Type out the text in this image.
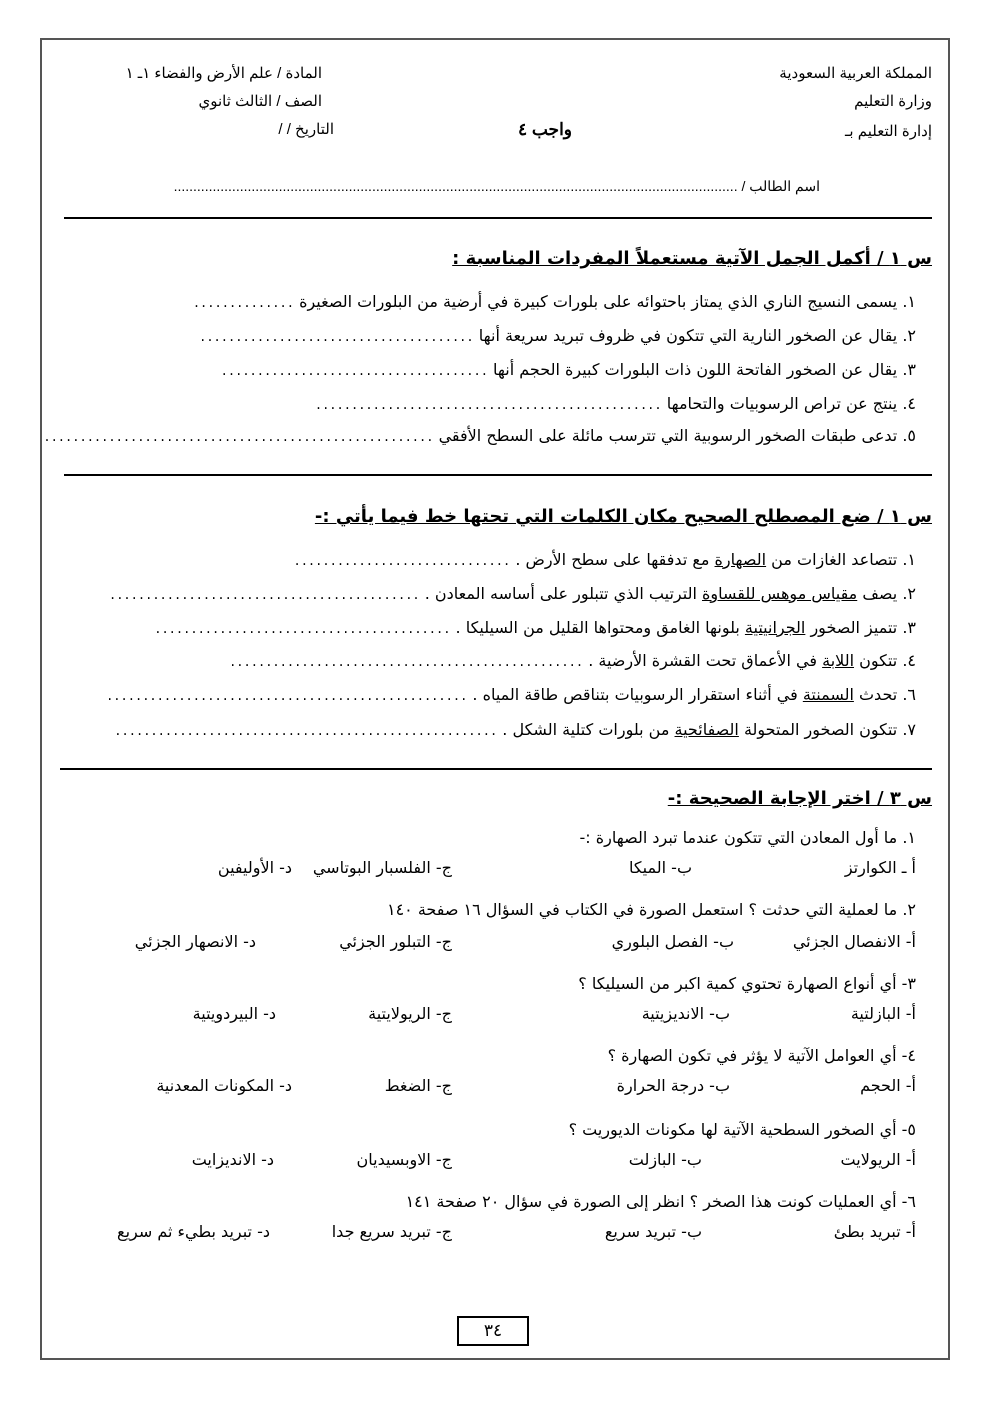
المملكة العربية السعودية
وزارة التعليم
إدارة التعليم بـ
المادة / علم الأرض والفضاء ١ـ ١
الصف / الثالث ثانوي
التاريخ / /	واجب ٤
اسم الطالب / .................................................................................................................................................
س ١ / أكمل الجمل الآتية مستعملاً المفردات المناسبة :
١. يسمى النسيج الناري الذي يمتاز باحتوائه على بلورات كبيرة في أرضية من البلورات الصغيرة ..............
٢. يقال عن الصخور النارية التي تتكون في ظروف تبريد سريعة أنها ......................................
٣. يقال عن الصخور الفاتحة اللون ذات البلورات كبيرة الحجم أنها .....................................
٤. ينتج عن تراص الرسوبيات والتحامها ................................................
٥. تدعى طبقات الصخور الرسوبية التي تترسب مائلة على السطح الأفقي ......................................................
س ١ / ضع المصطلح الصحيح مكان الكلمات التي تحتها خط فيما يأتي :-
١. تتصاعد الغازات من الصهارة مع تدفقها على سطح الأرض . ..............................
٢. يصف مقياس موهس للقساوة الترتيب الذي تتبلور على أساسه المعادن . ...........................................
٣. تتميز الصخور الجرانيتية بلونها الغامق ومحتواها القليل من السيليكا . .........................................
٤. تتكون اللابة في الأعماق تحت القشرة الأرضية . .................................................
٦. تحدث السمنتة في أثناء استقرار الرسوبيات بتناقص طاقة المياه . ..................................................
٧. تتكون الصخور المتحولة الصفائحية من بلورات كتلية الشكل . .....................................................
س ٣ / اختر الإجابة الصحيحة :-
١. ما أول المعادن التي تتكون عندما تبرد الصهارة :-
أ ـ الكوارتز
ب- الميكا
ج- الفلسبار البوتاسي
د- الأوليفين
٢. ما لعملية التي حدثت ؟ استعمل الصورة في الكتاب في السؤال ١٦ صفحة ١٤٠
أ- الانفصال الجزئي
ب- الفصل البلوري
ج- التبلور الجزئي
د- الانصهار الجزئي
٣- أي أنواع الصهارة تحتوي كمية اكبر من السيليكا ؟
أ- البازلتية
ب- الانديزيتية
ج- الريولايتية
د- البيردويتية
٤- أي العوامل الآتية لا يؤثر في تكون الصهارة ؟
أ- الحجم
ب- درجة الحرارة
ج- الضغط
د- المكونات المعدنية
٥- أي الصخور السطحية الآتية لها مكونات الديوريت ؟
أ- الريولايت
ب- البازلت
ج- الاوبسيديان
د- الانديزايت
٦- أي العمليات كونت هذا الصخر ؟ انظر إلى الصورة في سؤال ٢٠ صفحة ١٤١
أ- تبريد بطئ
ب- تبريد سريع
ج- تبريد سريع جدا
د- تبريد بطيء ثم سريع
٣٤
